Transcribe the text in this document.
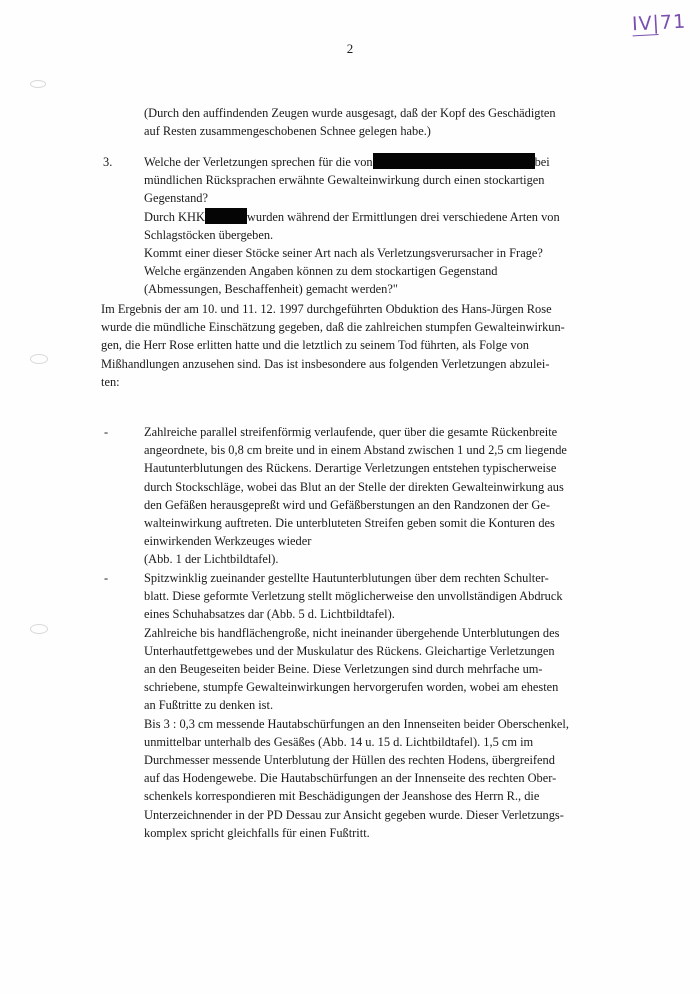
IV|71
2
(Durch den auffindenden Zeugen wurde ausgesagt, daß der Kopf des Geschädigten
auf Resten zusammengeschobenen Schnee gelegen habe.)
3.	Welche der Verletzungen sprechen für die von	bei
mündlichen Rücksprachen erwähnte Gewalteinwirkung durch einen stockartigen
Gegenstand?
Durch KHK	wurden während der Ermittlungen drei verschiedene Arten von
Schlagstöcken übergeben.
Kommt einer dieser Stöcke seiner Art nach als Verletzungsverursacher in Frage?
Welche ergänzenden Angaben können zu dem stockartigen Gegenstand
(Abmessungen, Beschaffenheit) gemacht werden?"
Im Ergebnis der am 10. und 11. 12. 1997 durchgeführten Obduktion des Hans-Jürgen Rose
wurde die mündliche Einschätzung gegeben, daß die zahlreichen stumpfen Gewalteinwirkun-
gen, die Herr Rose erlitten hatte und die letztlich zu seinem Tod führten, als Folge von
Mißhandlungen anzusehen sind. Das ist insbesondere aus folgenden Verletzungen abzulei-
ten:
-	Zahlreiche parallel streifenförmig verlaufende, quer über die gesamte Rückenbreite
angeordnete, bis 0,8 cm breite und in einem Abstand zwischen 1 und 2,5 cm liegende
Hautunterblutungen des Rückens. Derartige Verletzungen entstehen typischerweise
durch Stockschläge, wobei das Blut an der Stelle der direkten Gewalteinwirkung aus
den Gefäßen herausgepreßt wird und Gefäßberstungen an den Randzonen der Ge-
walteinwirkung auftreten. Die unterbluteten Streifen geben somit die Konturen des
einwirkenden Werkzeuges wieder
(Abb. 1 der Lichtbildtafel).
-	Spitzwinklig zueinander gestellte Hautunterblutungen über dem rechten Schulter-
blatt. Diese geformte Verletzung stellt möglicherweise den unvollständigen Abdruck
eines Schuhabsatzes dar (Abb. 5 d. Lichtbildtafel).
Zahlreiche bis handflächengroße, nicht ineinander übergehende Unterblutungen des
Unterhautfettgewebes und der Muskulatur des Rückens. Gleichartige Verletzungen
an den Beugeseiten beider Beine. Diese Verletzungen sind durch mehrfache um-
schriebene, stumpfe Gewalteinwirkungen hervorgerufen worden, wobei am ehesten
an Fußtritte zu denken ist.
Bis 3 : 0,3 cm messende Hautabschürfungen an den Innenseiten beider Oberschenkel,
unmittelbar unterhalb des Gesäßes (Abb. 14 u. 15 d. Lichtbildtafel). 1,5 cm im
Durchmesser messende Unterblutung der Hüllen des rechten Hodens, übergreifend
auf das Hodengewebe. Die Hautabschürfungen an der Innenseite des rechten Ober-
schenkels korrespondieren mit Beschädigungen der Jeanshose des Herrn R., die
Unterzeichnender in der PD Dessau zur Ansicht gegeben wurde. Dieser Verletzungs-
komplex spricht gleichfalls für einen Fußtritt.
